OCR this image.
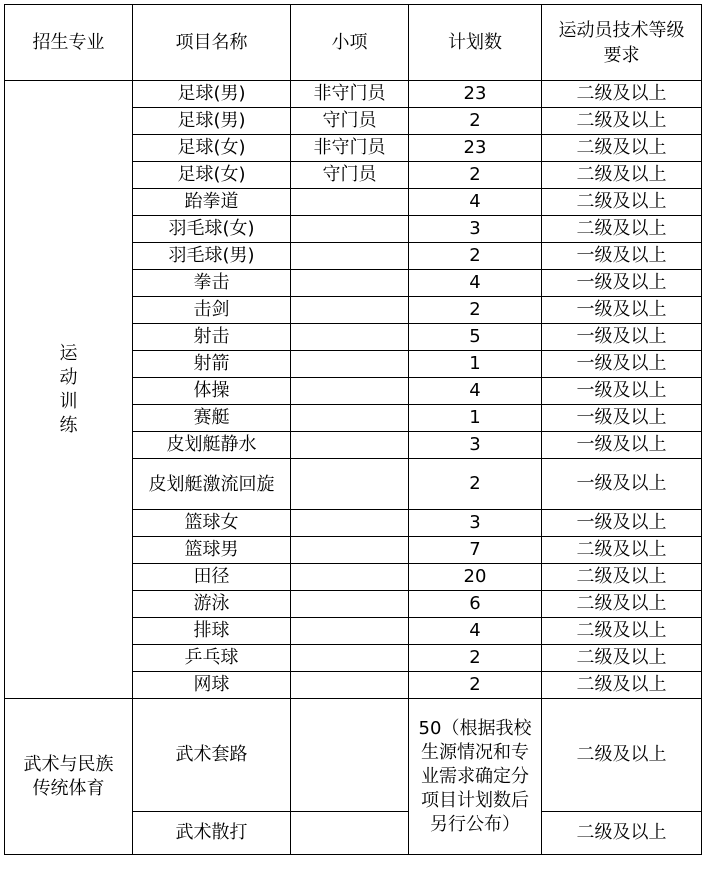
招生专业	项目名称	小项	计划数	运动员技术等级
要求

运
动
训
练	足球(男)	非守门员	23	二级及以上
	足球(男)	守门员	2	二级及以上
	足球(女)	非守门员	23	二级及以上
	足球(女)	守门员	2	二级及以上
	跆拳道		4	二级及以上
	羽毛球(女)		3	二级及以上
	羽毛球(男)		2	一级及以上
	拳击		4	一级及以上
	击剑		2	一级及以上
	射击		5	一级及以上
	射箭		1	一级及以上
	体操		4	一级及以上
	赛艇		1	一级及以上
	皮划艇静水		3	一级及以上
	皮划艇激流回旋		2	一级及以上
	篮球女		3	一级及以上
	篮球男		7	二级及以上
	田径		20	二级及以上
	游泳		6	二级及以上
	排球		4	二级及以上
	乒乓球		2	二级及以上
	网球		2	二级及以上
武术与民族传统体育	武术套路		50（根据我校生源情况和专业需求确定分项目计划数后另行公布）	二级及以上
	武术散打			二级及以上
